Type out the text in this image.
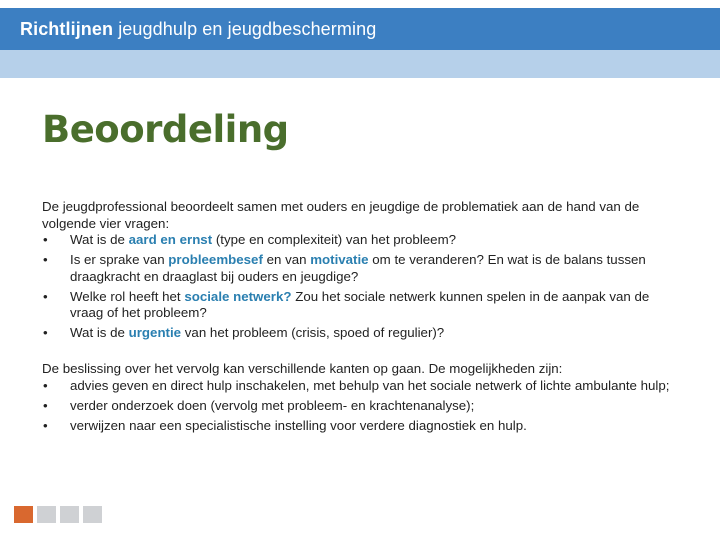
Richtlijnen jeugdhulp en jeugdbescherming
Beoordeling

De jeugdprofessional beoordeelt samen met ouders en jeugdige de problematiek aan de hand van de volgende vier vragen:

• Wat is de aard en ernst (type en complexiteit) van het probleem?
• Is er sprake van probleembesef en van motivatie om te veranderen? En wat is de balans tussen draagkracht en draaglast bij ouders en jeugdige?
• Welke rol heeft het sociale netwerk? Zou het sociale netwerk kunnen spelen in de aanpak van de vraag of het probleem?
• Wat is de urgentie van het probleem (crisis, spoed of regulier)?

De beslissing over het vervolg kan verschillende kanten op gaan. De mogelijkheden zijn:

• advies geven en direct hulp inschakelen, met behulp van het sociale netwerk of lichte ambulante hulp;
• verder onderzoek doen (vervolg met probleem- en krachtenanalyse);
• verwijzen naar een specialistische instelling voor verdere diagnostiek en hulp.
